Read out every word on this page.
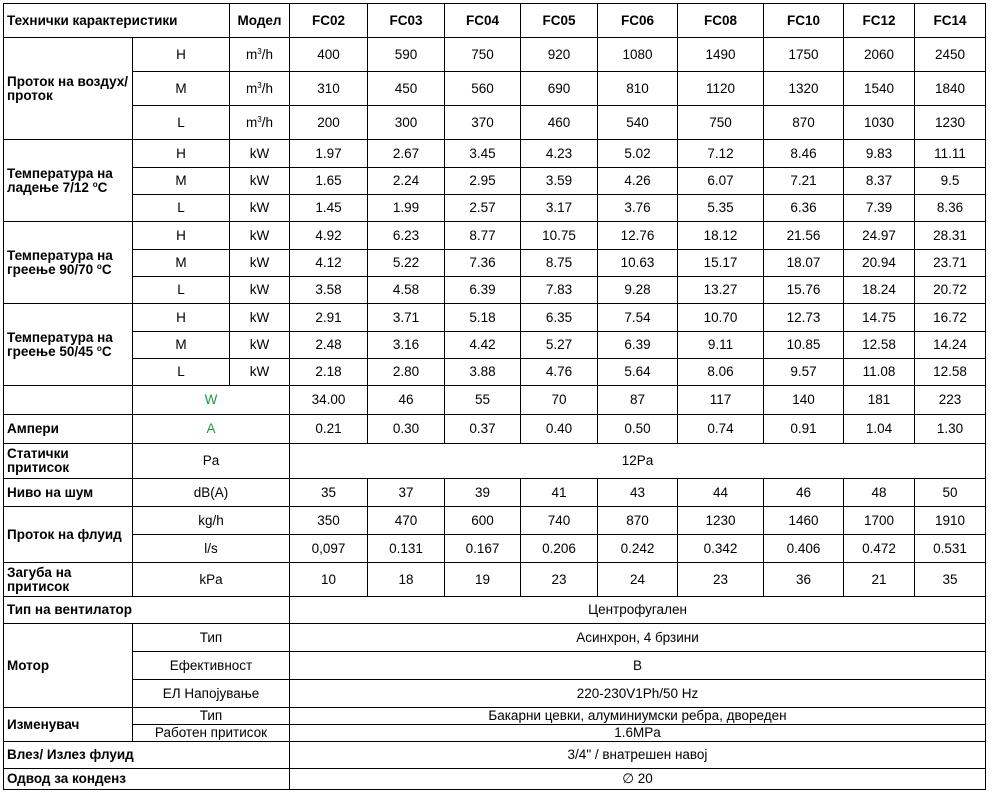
Технички карактеристики		Модел	FC02	FC03	FC04	FC05	FC06	FC08	FC10	FC12	FC14
Проток на воздух/проток	H	$m^3/h$	400	590	750	920	1080	1490	1750	2060	2450
	M	$m^3/h$	310	450	560	690	810	1120	1320	1540	1840
	L	$m^3/h$	200	300	370	460	540	750	870	1030	1230
Температура на
ладење 7/12 $^o$C	H	kW	1.97	2.67	3.45	4.23	5.02	7.12	8.46	9.83	11.11
	M	kW	1.65	2.24	2.95	3.59	4.26	6.07	7.21	8.37	9.5
	L	kW	1.45	1.99	2.57	3.17	3.76	5.35	6.36	7.39	8.36
Температура на
греење 90/70 $^o$C	H	kW	4.92	6.23	8.77	10.75	12.76	18.12	21.56	24.97	28.31
	M	kW	4.12	5.22	7.36	8.75	10.63	15.17	18.07	20.94	23.71
	L	kW	3.58	4.58	6.39	7.83	9.28	13.27	15.76	18.24	20.72
Температура на
греење 50/45 $^o$C	H	kW	2.91	3.71	5.18	6.35	7.54	10.70	12.73	14.75	16.72
	M	kW	2.48	3.16	4.42	5.27	6.39	9.11	10.85	12.58	14.24
	L	kW	2.18	2.80	3.88	4.76	5.64	8.06	9.57	11.08	12.58
	W		34.00	46	55	70	87	117	140	181	223
Ампери	A		0.21	0.30	0.37	0.40	0.50	0.74	0.91	1.04	1.30
Статички притисок	Pa		12Pa								
Ниво на шум	dB(A)		35	37	39	41	43	44	46	48	50
Проток на флуид	kg/h		350	470	600	740	870	1230	1460	1700	1910
	l/s		0,097	0.131	0.167	0.206	0.242	0.342	0.406	0.472	0.531
Загуба на притисок	kPa		10	18	19	23	24	23	36	21	35
Тип на вентилатор			Центрофугален								
Мотор	Тип		Асинхрон, 4 брзини								
	Ефективност		B								
	ЕЛ Напојување		220-230V1Ph/50 Hz								
Изменувач	Тип		Бакарни цевки, алуминиумски ребра, двореден								
	Работен притисок		1.6MPa								
Влез/ Излез флуид			3/4" / внатрешен навој								
Одвод за конденз			∅ 20								
